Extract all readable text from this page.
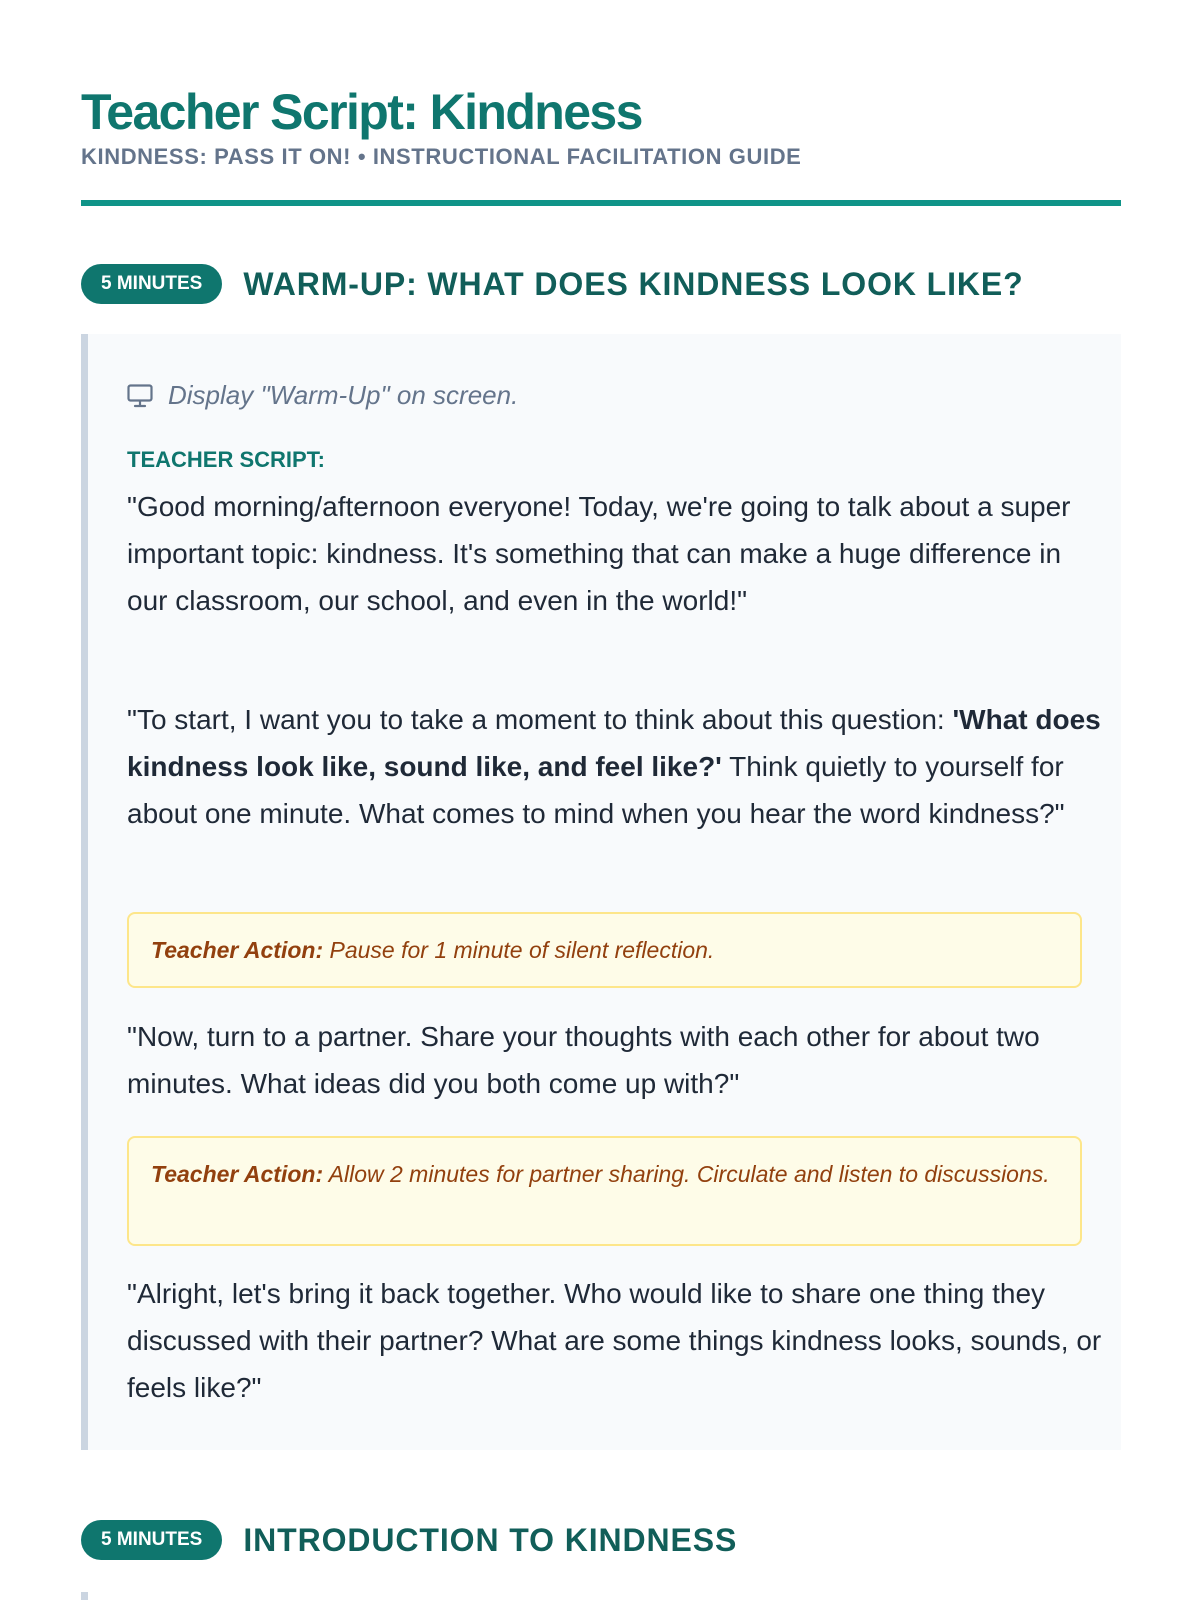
Teacher Script: Kindness
KINDNESS: PASS IT ON! • INSTRUCTIONAL FACILITATION GUIDE
5 MINUTES	WARM-UP: WHAT DOES KINDNESS LOOK LIKE?
Display "Warm-Up" on screen.
TEACHER SCRIPT:

"Good morning/afternoon everyone! Today, we're going to talk about a super important topic: kindness. It's something that can make a huge difference in our classroom, our school, and even in the world!"

"To start, I want you to take a moment to think about this question: 'What does kindness look like, sound like, and feel like?' Think quietly to yourself for about one minute. What comes to mind when you hear the word kindness?"

Teacher Action: Pause for 1 minute of silent reflection.

"Now, turn to a partner. Share your thoughts with each other for about two minutes. What ideas did you both come up with?"

Teacher Action: Allow 2 minutes for partner sharing. Circulate and listen to discussions.

"Alright, let's bring it back together. Who would like to share one thing they discussed with their partner? What are some things kindness looks, sounds, or feels like?"

5 MINUTES	INTRODUCTION TO KINDNESS
